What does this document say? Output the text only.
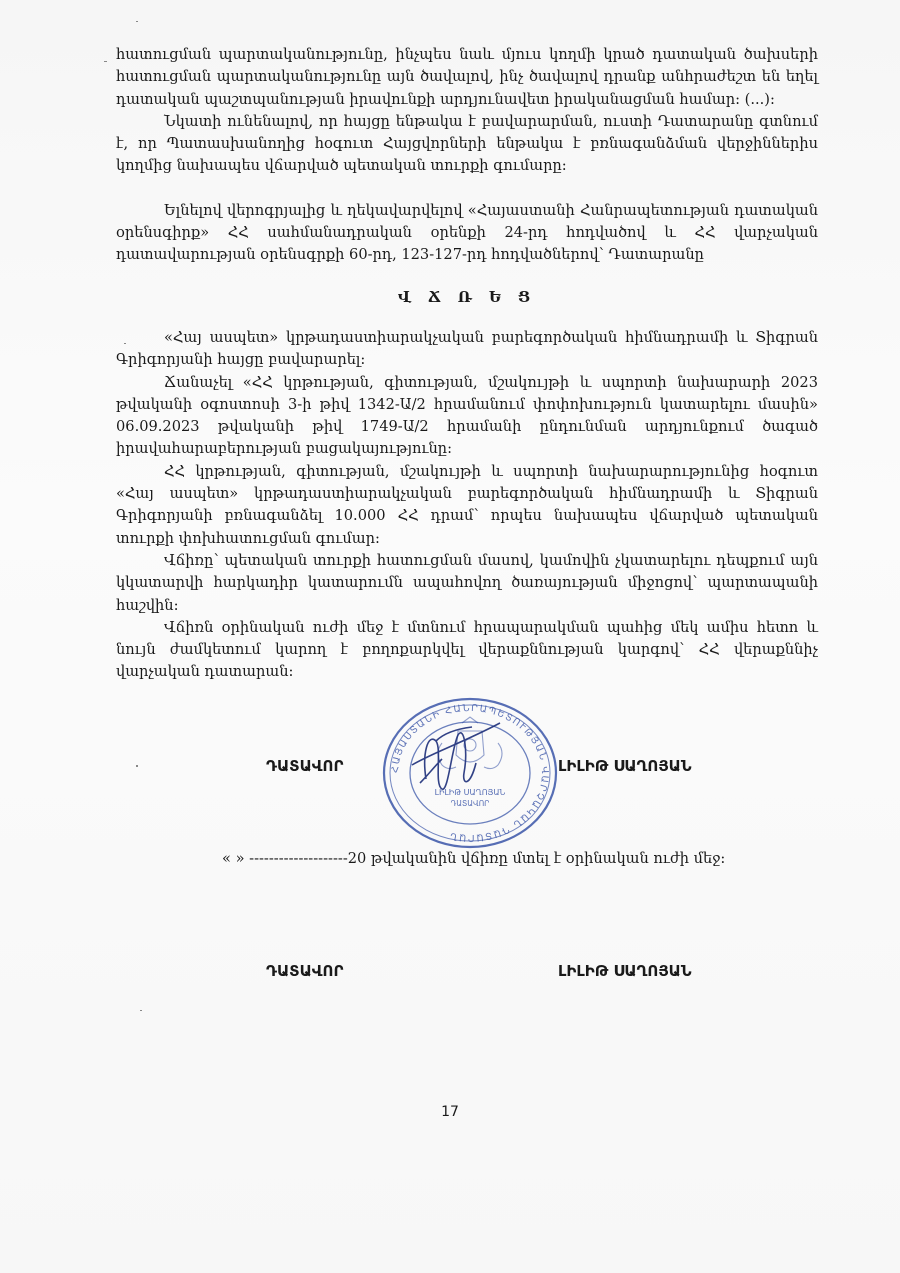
հատուցման պարտականությունը, ինչպես նաև մյուս կողմի կրած դատական ծախսերի հատուցման պարտականությունը այն ծավալով, ինչ ծավալով դրանք անհրաժեշտ են եղել դատական պաշտպանության իրավունքի արդյունավետ իրականացման համար: (...):

Նկատի ունենալով, որ հայցը ենթակա է բավարարման, ուստի Դատարանը գտնում է, որ Պատասխանողից հօգուտ Հայցվորների ենթակա է բռնագանձման վերջիններիս կողմից նախապես վճարված պետական տուրքի գումարը:

Ելնելով վերոգրյալից և ղեկավարվելով «Հայաստանի Հանրապետության դատական օրենսգիրք» ՀՀ սահմանադրական օրենքի 24-րդ հոդվածով և ՀՀ վարչական դատավարության օրենսգրքի 60-րդ, 123-127-րդ հոդվածներով՝ Դատարանը

Վ Ճ Ռ Ե Ց

«Հայ ասպետ» կրթադաստիարակչական բարեգործական հիմնադրամի և Տիգրան Գրիգորյանի հայցը բավարարել:

Ճանաչել «ՀՀ կրթության, գիտության, մշակույթի և սպորտի նախարարի 2023 թվականի օգոստոսի 3-ի թիվ 1342-Ա/2 հրամանում փոփոխություն կատարելու մասին» 06.09.2023 թվականի թիվ 1749-Ա/2 հրամանի ընդունման արդյունքում ծագած իրավահարաբերության բացակայությունը:

ՀՀ կրթության, գիտության, մշակույթի և սպորտի նախարարությունից հօգուտ «Հայ ասպետ» կրթադաստիարակչական բարեգործական հիմնադրամի և Տիգրան Գրիգորյանի բռնագանձել 10.000 ՀՀ դրամ՝ որպես նախապես վճարված պետական տուրքի փոխհատուցման գումար:

Վճիռը՝ պետական տուրքի հատուցման մասով, կամովին չկատարելու դեպքում այն կկատարվի հարկադիր կատարումն ապահովող ծառայության միջոցով՝ պարտապանի հաշվին:

Վճիռն օրինական ուժի մեջ է մտնում հրապարակման պահից մեկ ամիս հետո և նույն ժամկետում կարող է բողոքարկվել վերաքննության կարգով՝ ՀՀ վերաքննիչ վարչական դատարան:

ԴԱՏԱՎՈՐ	ԼԻԼԻԹ ՍԱՂՈՅԱՆ
ՀԱՅԱՍՏԱՆԻ ՀԱՆՐԱՊԵՏՈՒԹՅԱՆ ՎԱՐՉԱԿԱՆ ԴԱՏԱՐԱՆ
ԼԻԼԻԹ ՍԱՂՈՅԱՆ
ԴԱՏԱՎՈՐ
« » --------------------20 թվականին վճիռը մտել է օրինական ուժի մեջ:
ԴԱՏԱՎՈՐ	ԼԻԼԻԹ ՍԱՂՈՅԱՆ
17
